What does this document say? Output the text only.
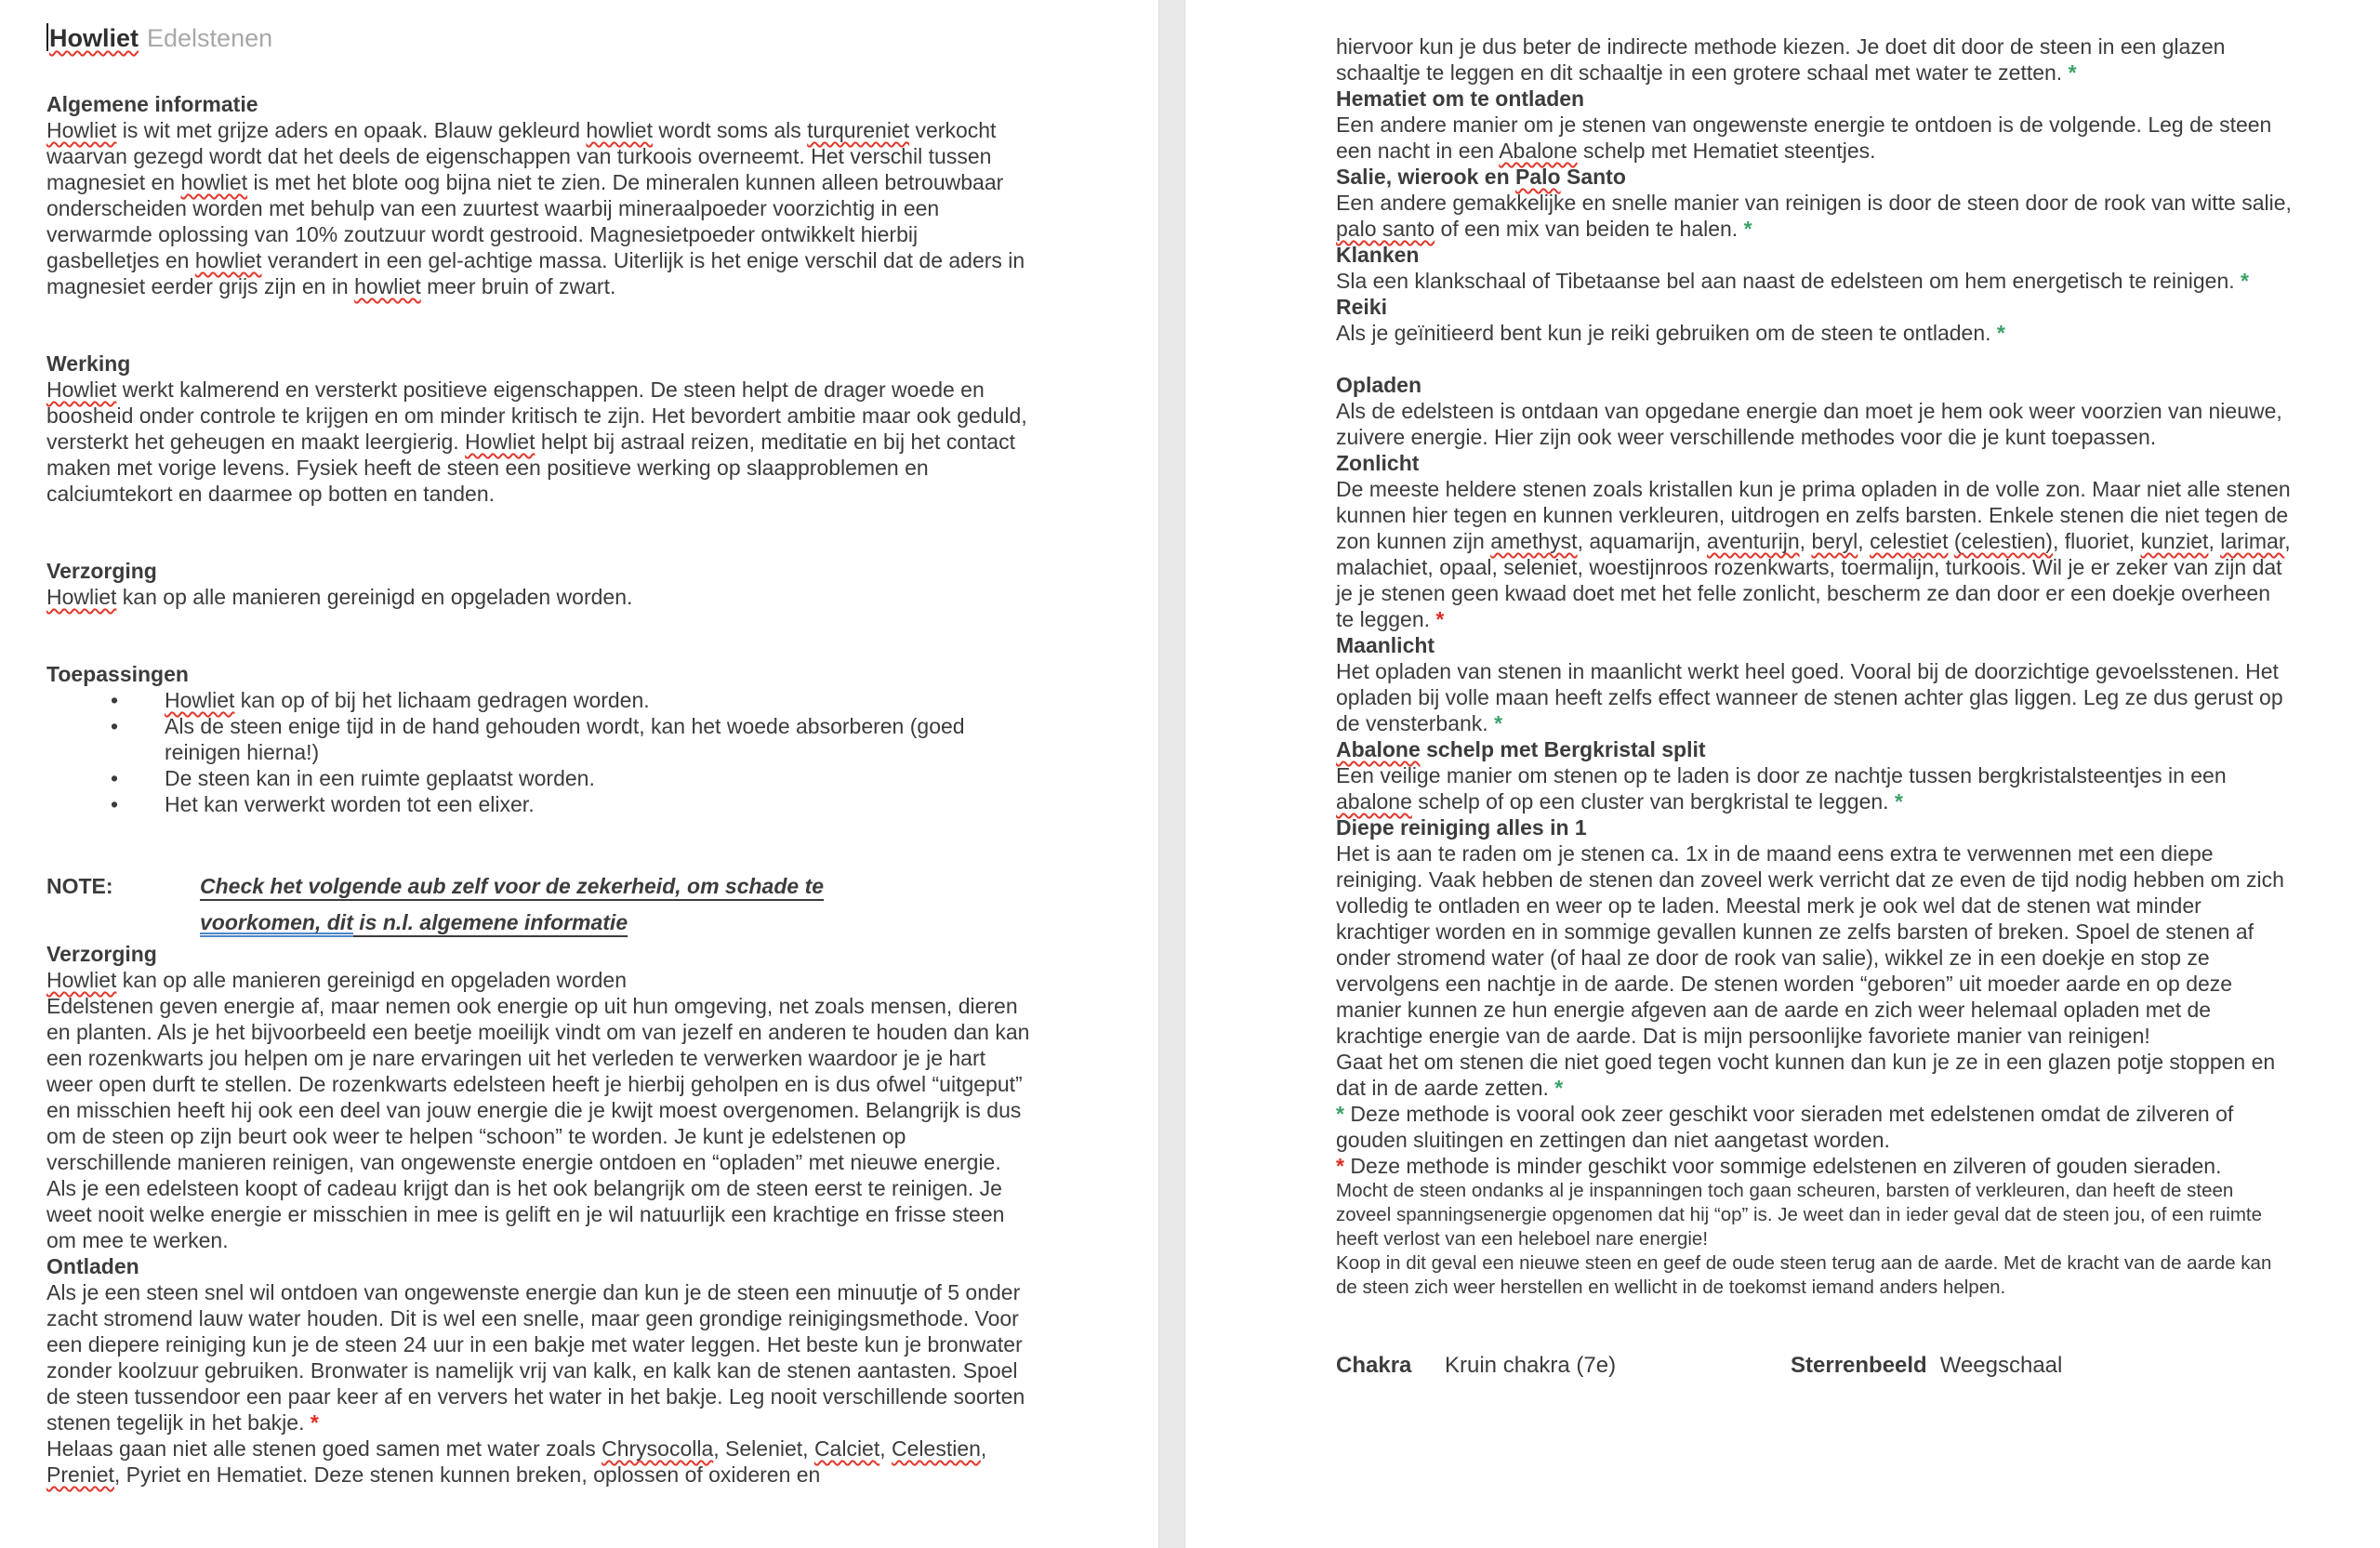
Howliet Edelstenen
Algemene informatie
Howliet is wit met grijze aders en opaak. Blauw gekleurd howliet wordt soms als turqureniet verkocht waarvan gezegd wordt dat het deels de eigenschappen van turkoois overneemt. Het verschil tussen magnesiet en howliet is met het blote oog bijna niet te zien. De mineralen kunnen alleen betrouwbaar onderscheiden worden met behulp van een zuurtest waarbij mineraalpoeder voorzichtig in een verwarmde oplossing van 10% zoutzuur wordt gestrooid. Magnesietpoeder ontwikkelt hierbij gasbelletjes en howliet verandert in een gel-achtige massa. Uiterlijk is het enige verschil dat de aders in magnesiet eerder grijs zijn en in howliet meer bruin of zwart.
Werking
Howliet werkt kalmerend en versterkt positieve eigenschappen. De steen helpt de drager woede en boosheid onder controle te krijgen en om minder kritisch te zijn. Het bevordert ambitie maar ook geduld, versterkt het geheugen en maakt leergierig. Howliet helpt bij astraal reizen, meditatie en bij het contact maken met vorige levens. Fysiek heeft de steen een positieve werking op slaapproblemen en calciumtekort en daarmee op botten en tanden.
Verzorging
Howliet kan op alle manieren gereinigd en opgeladen worden.
Toepassingen
• Howliet kan op of bij het lichaam gedragen worden.
• Als de steen enige tijd in de hand gehouden wordt, kan het woede absorberen (goed reinigen hierna!)
• De steen kan in een ruimte geplaatst worden.
• Het kan verwerkt worden tot een elixer.
NOTE:	Check het volgende aub zelf voor de zekerheid, om schade te voorkomen, dit is n.l. algemene informatie
Verzorging
Howliet kan op alle manieren gereinigd en opgeladen worden
Edelstenen geven energie af, maar nemen ook energie op uit hun omgeving, net zoals mensen, dieren en planten. Als je het bijvoorbeeld een beetje moeilijk vindt om van jezelf en anderen te houden dan kan een rozenkwarts jou helpen om je nare ervaringen uit het verleden te verwerken waardoor je je hart weer open durft te stellen. De rozenkwarts edelsteen heeft je hierbij geholpen en is dus ofwel “uitgeput” en misschien heeft hij ook een deel van jouw energie die je kwijt moest overgenomen. Belangrijk is dus om de steen op zijn beurt ook weer te helpen “schoon” te worden. Je kunt je edelstenen op verschillende manieren reinigen, van ongewenste energie ontdoen en “opladen” met nieuwe energie.
Als je een edelsteen koopt of cadeau krijgt dan is het ook belangrijk om de steen eerst te reinigen. Je weet nooit welke energie er misschien in mee is gelift en je wil natuurlijk een krachtige en frisse steen om mee te werken.
Ontladen
Als je een steen snel wil ontdoen van ongewenste energie dan kun je de steen een minuutje of 5 onder zacht stromend lauw water houden. Dit is wel een snelle, maar geen grondige reinigingsmethode. Voor een diepere reiniging kun je de steen 24 uur in een bakje met water leggen. Het beste kun je bronwater zonder koolzuur gebruiken. Bronwater is namelijk vrij van kalk, en kalk kan de stenen aantasten. Spoel de steen tussendoor een paar keer af en ververs het water in het bakje. Leg nooit verschillende soorten stenen tegelijk in het bakje. *
Helaas gaan niet alle stenen goed samen met water zoals Chrysocolla, Seleniet, Calciet, Celestien, Preniet, Pyriet en Hematiet. Deze stenen kunnen breken, oplossen of oxideren en
hiervoor kun je dus beter de indirecte methode kiezen. Je doet dit door de steen in een glazen schaaltje te leggen en dit schaaltje in een grotere schaal met water te zetten. *
Hematiet om te ontladen
Een andere manier om je stenen van ongewenste energie te ontdoen is de volgende. Leg de steen een nacht in een Abalone schelp met Hematiet steentjes.
Salie, wierook en Palo Santo
Een andere gemakkelijke en snelle manier van reinigen is door de steen door de rook van witte salie, palo santo of een mix van beiden te halen. *
Klanken
Sla een klankschaal of Tibetaanse bel aan naast de edelsteen om hem energetisch te reinigen. *
Reiki
Als je geïnitieerd bent kun je reiki gebruiken om de steen te ontladen. *
Opladen
Als de edelsteen is ontdaan van opgedane energie dan moet je hem ook weer voorzien van nieuwe, zuivere energie. Hier zijn ook weer verschillende methodes voor die je kunt toepassen.
Zonlicht
De meeste heldere stenen zoals kristallen kun je prima opladen in de volle zon. Maar niet alle stenen kunnen hier tegen en kunnen verkleuren, uitdrogen en zelfs barsten. Enkele stenen die niet tegen de zon kunnen zijn amethyst, aquamarijn, aventurijn, beryl, celestiet (celestien), fluoriet, kunziet, larimar, malachiet, opaal, seleniet, woestijnroos rozenkwarts, toermalijn, turkoois. Wil je er zeker van zijn dat je je stenen geen kwaad doet met het felle zonlicht, bescherm ze dan door er een doekje overheen te leggen. *
Maanlicht
Het opladen van stenen in maanlicht werkt heel goed. Vooral bij de doorzichtige gevoelsstenen. Het opladen bij volle maan heeft zelfs effect wanneer de stenen achter glas liggen. Leg ze dus gerust op de vensterbank. *
Abalone schelp met Bergkristal split
Een veilige manier om stenen op te laden is door ze nachtje tussen bergkristalsteentjes in een abalone schelp of op een cluster van bergkristal te leggen. *
Diepe reiniging alles in 1
Het is aan te raden om je stenen ca. 1x in de maand eens extra te verwennen met een diepe reiniging. Vaak hebben de stenen dan zoveel werk verricht dat ze even de tijd nodig hebben om zich volledig te ontladen en weer op te laden. Meestal merk je ook wel dat de stenen wat minder krachtiger worden en in sommige gevallen kunnen ze zelfs barsten of breken. Spoel de stenen af onder stromend water (of haal ze door de rook van salie), wikkel ze in een doekje en stop ze vervolgens een nachtje in de aarde. De stenen worden “geboren” uit moeder aarde en op deze manier kunnen ze hun energie afgeven aan de aarde en zich weer helemaal opladen met de krachtige energie van de aarde. Dat is mijn persoonlijke favoriete manier van reinigen!
Gaat het om stenen die niet goed tegen vocht kunnen dan kun je ze in een glazen potje stoppen en dat in de aarde zetten. *
* Deze methode is vooral ook zeer geschikt voor sieraden met edelstenen omdat de zilveren of gouden sluitingen en zettingen dan niet aangetast worden.
* Deze methode is minder geschikt voor sommige edelstenen en zilveren of gouden sieraden.
Mocht de steen ondanks al je inspanningen toch gaan scheuren, barsten of verkleuren, dan heeft de steen zoveel spanningsenergie opgenomen dat hij “op” is. Je weet dan in ieder geval dat de steen jou, of een ruimte heeft verlost van een heleboel nare energie!
Koop in dit geval een nieuwe steen en geef de oude steen terug aan de aarde. Met de kracht van de aarde kan de steen zich weer herstellen en wellicht in de toekomst iemand anders helpen.
Chakra	Kruin chakra (7e)	Sterrenbeeld Weegschaal
